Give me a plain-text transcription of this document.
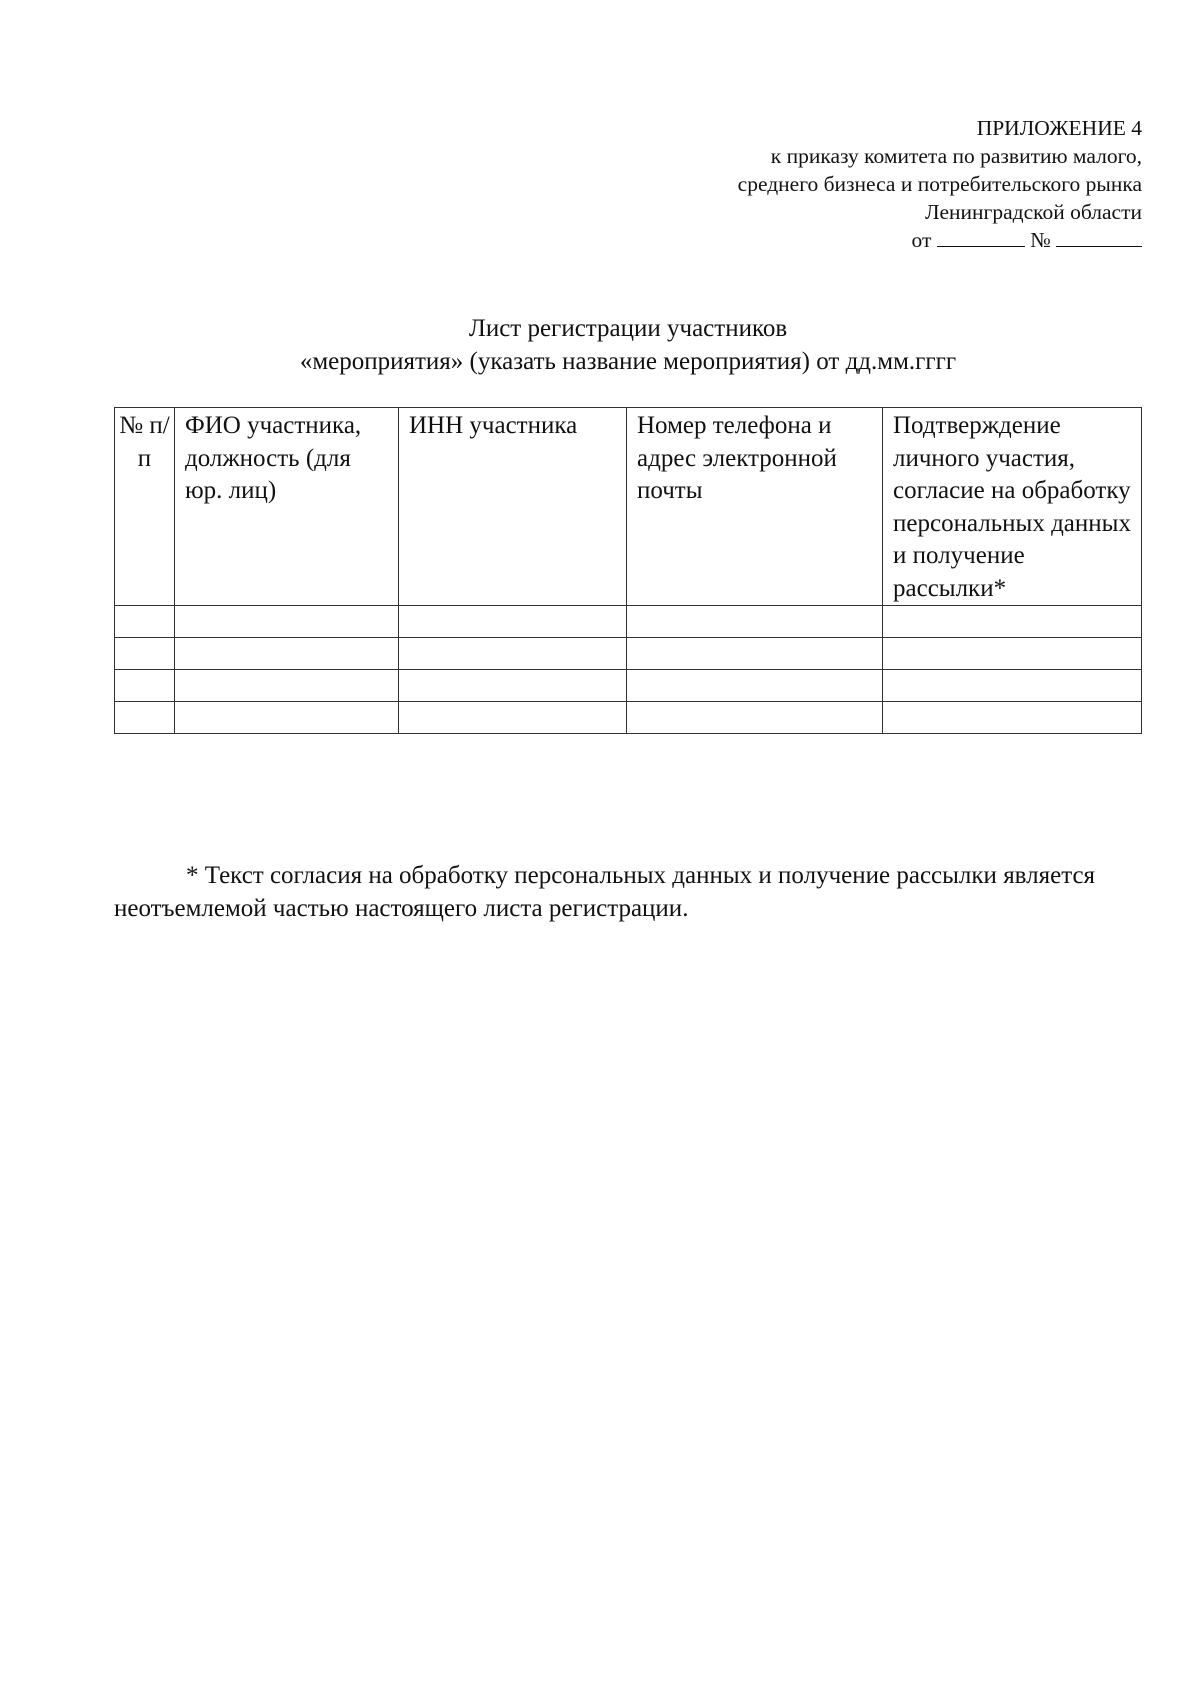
ПРИЛОЖЕНИЕ 4
к приказу комитета по развитию малого,
среднего бизнеса и потребительского рынка
Ленинградской области
от	№
Лист регистрации участников
«мероприятия» (указать название мероприятия) от дд.мм.гггг
№ п/п	ФИО участника, должность (для юр. лиц)	ИНН участника	Номер телефона и адрес электронной почты	Подтверждение личного участия, согласие на обработку персональных данных и получение рассылки*

* Текст согласия на обработку персональных данных и получение рассылки является неотъемлемой частью настоящего листа регистрации.
